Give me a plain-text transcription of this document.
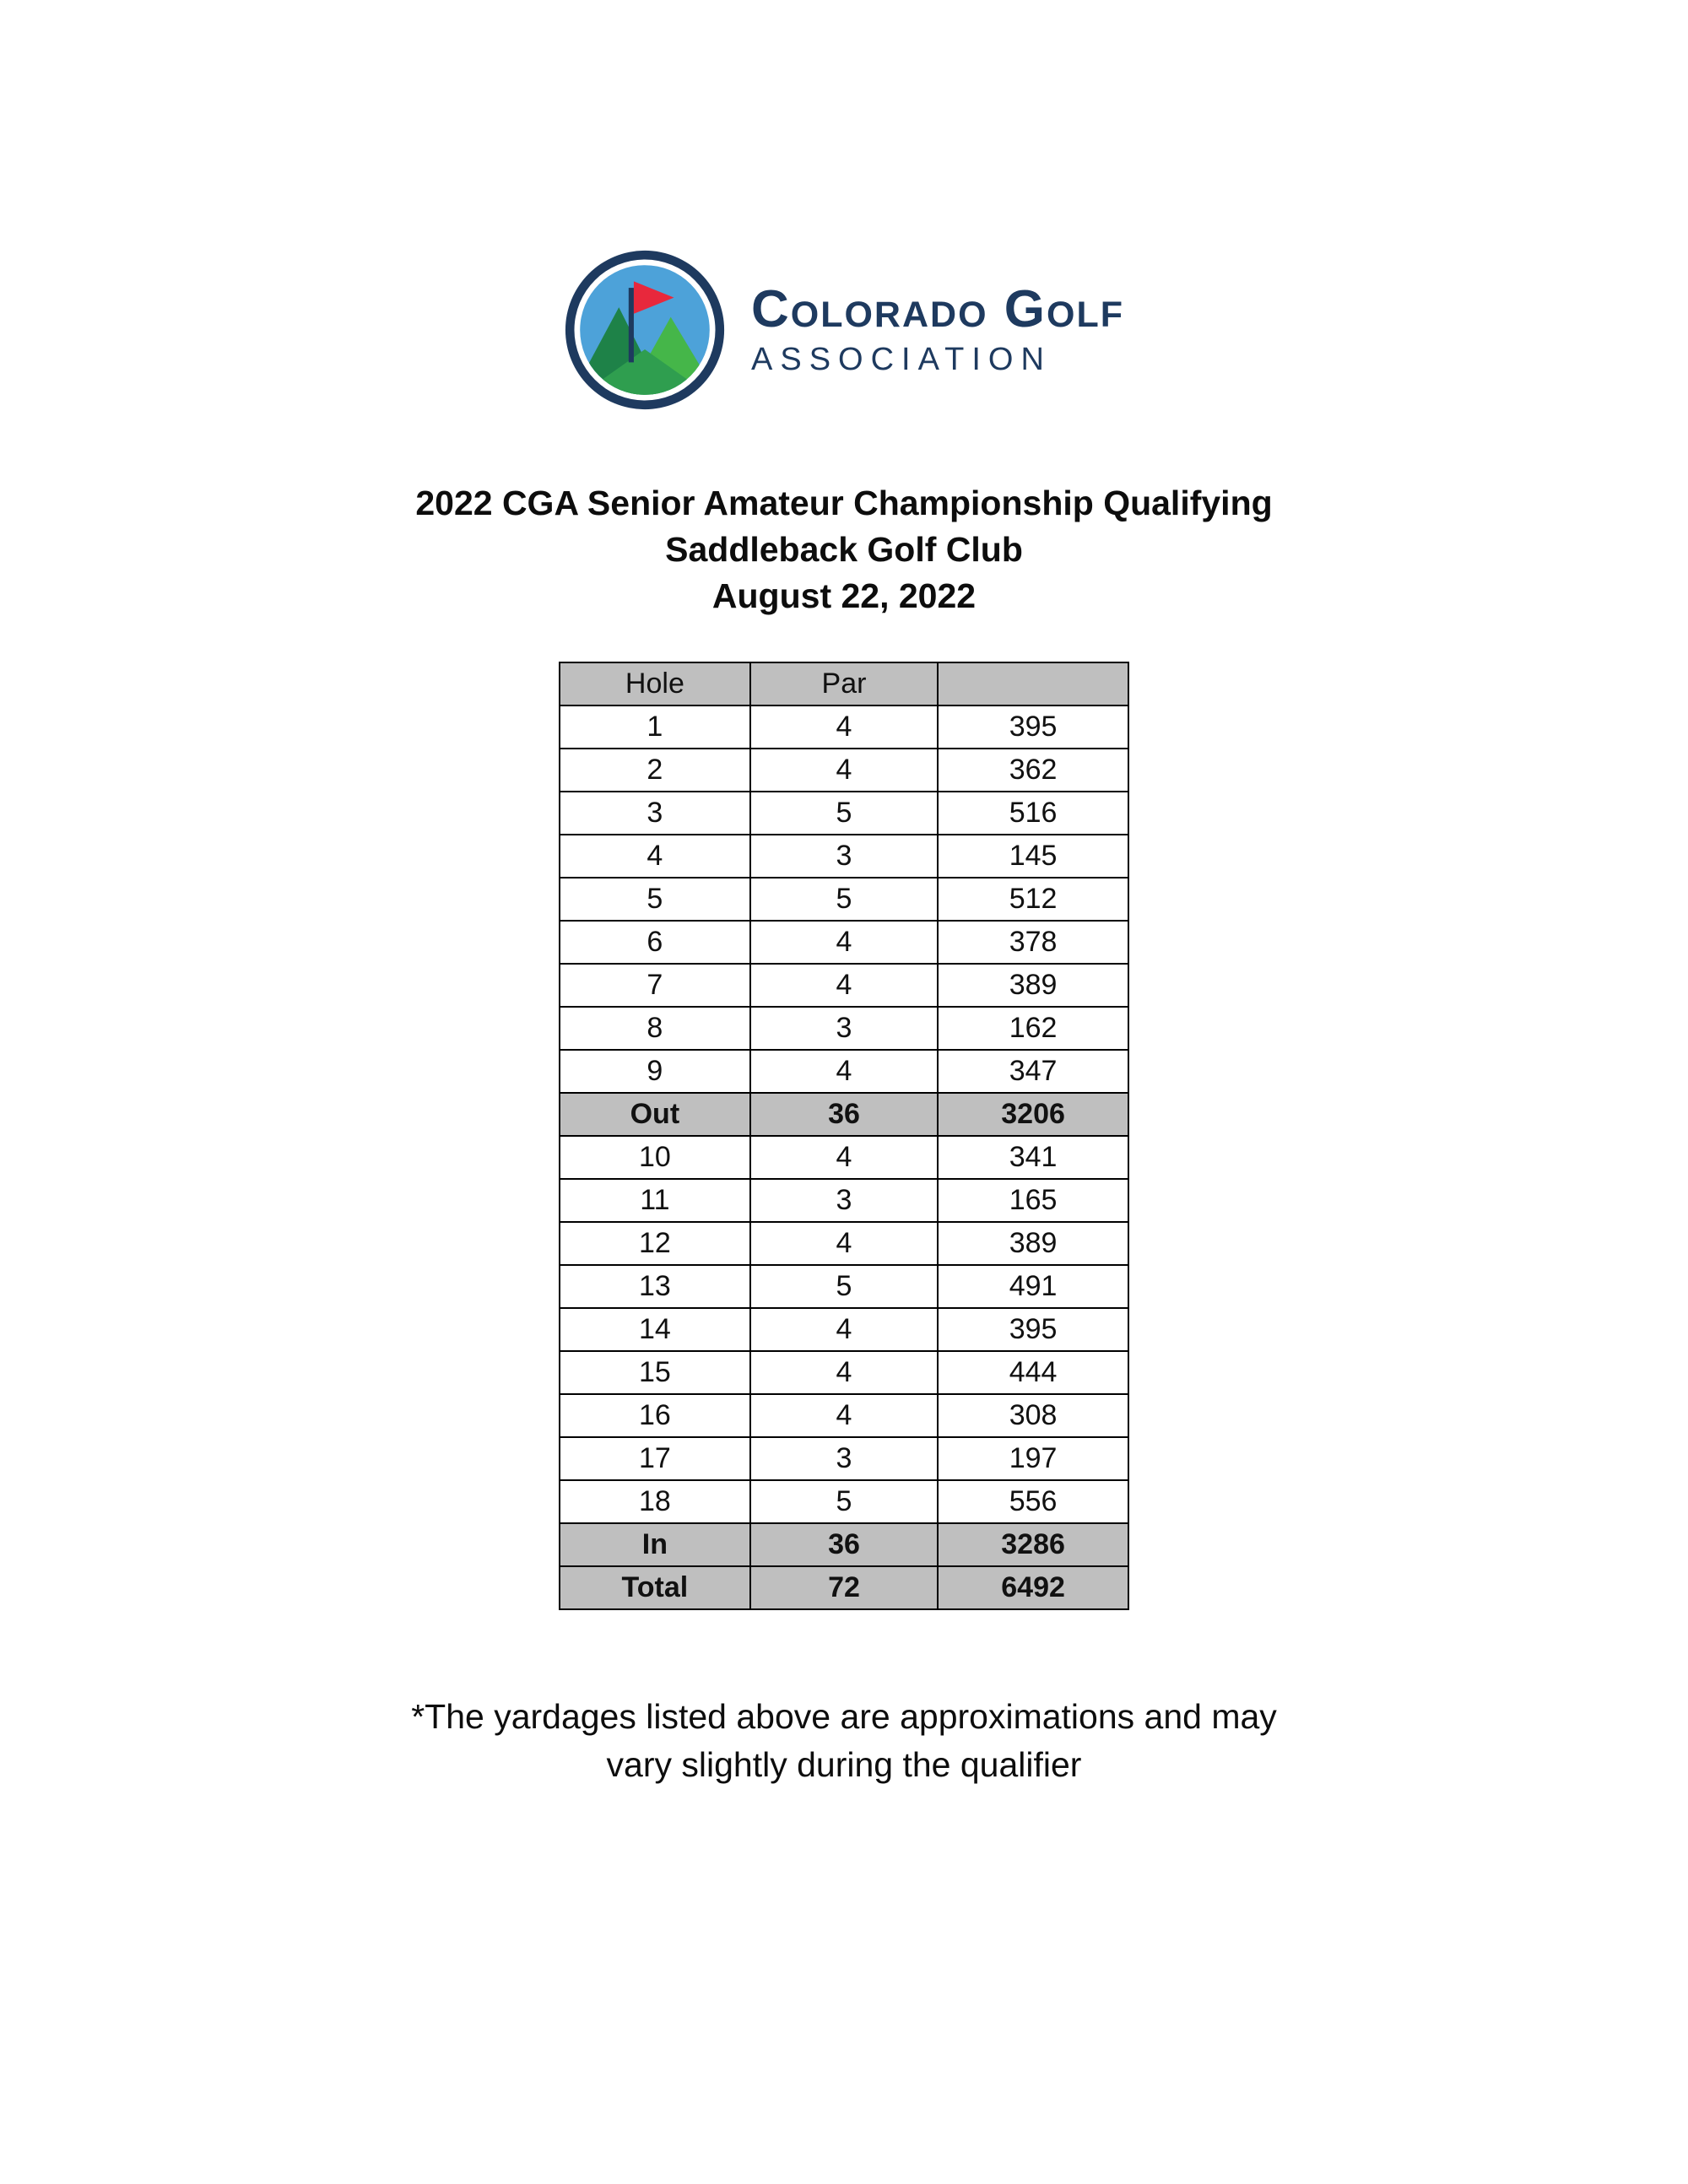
Colorado Golf
ASSOCIATION
2022 CGA Senior Amateur Championship Qualifying
Saddleback Golf Club
August 22, 2022
Hole	Par	
1	4	395
2	4	362
3	5	516
4	3	145
5	5	512
6	4	378
7	4	389
8	3	162
9	4	347
Out	36	3206
10	4	341
11	3	165
12	4	389
13	5	491
14	4	395
15	4	444
16	4	308
17	3	197
18	5	556
In	36	3286
Total	72	6492
*The yardages listed above are approximations and may
vary slightly during the qualifier
